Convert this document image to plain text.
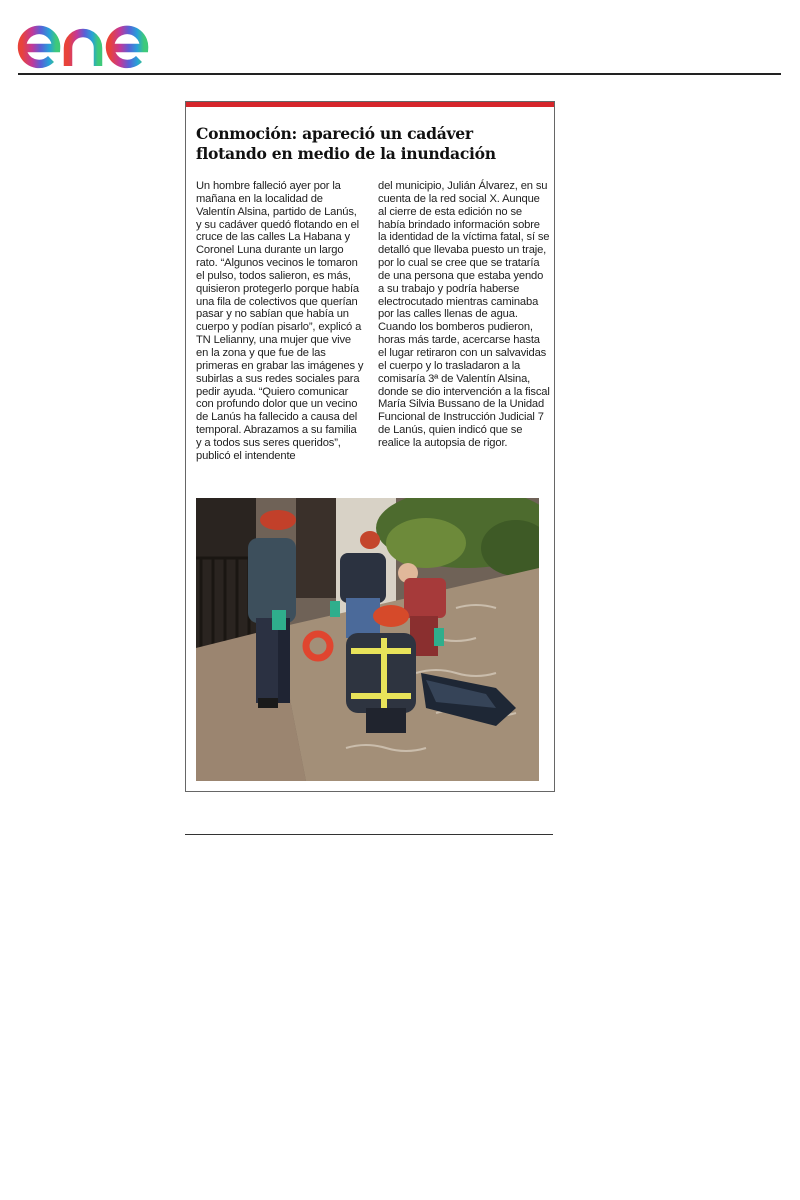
Conmoción: apareció un cadáver
flotando en medio de la inundación
Un hombre falleció ayer por la mañana en la localidad de Valentín Alsina, partido de Lanús, y su cadáver quedó flotando en el cruce de las calles La Habana y Coronel Luna durante un largo rato. “Algunos vecinos le tomaron el pulso, todos salieron, es más, quisieron protegerlo porque había una fila de colectivos que querían pasar y no sabían que había un cuerpo y podían pisarlo”, explicó a TN Lelianny, una mujer que vive en la zona y que fue de las primeras en grabar las imágenes y subirlas a sus redes sociales para pedir ayuda. “Quiero comunicar con profundo dolor que un vecino de Lanús ha fallecido a causa del temporal. Abrazamos a su familia y a todos sus seres queridos”, publicó el intendente
del municipio, Julián Álvarez, en su cuenta de la red social X. Aunque al cierre de esta edición no se había brindado información sobre la identidad de la víctima fatal, sí se detalló que llevaba puesto un traje, por lo cual se cree que se trataría de una persona que estaba yendo a su trabajo y podría haberse electrocutado mientras caminaba por las calles llenas de agua. Cuando los bomberos pudieron, horas más tarde, acercarse hasta el lugar retiraron con un salvavidas el cuerpo y lo trasladaron a la comisaría 3ª de Valentín Alsina, donde se dio intervención a la fiscal María Silvia Bussano de la Unidad Funcional de Instrucción Judicial 7 de Lanús, quien indicó que se realice la autopsia de rigor.
